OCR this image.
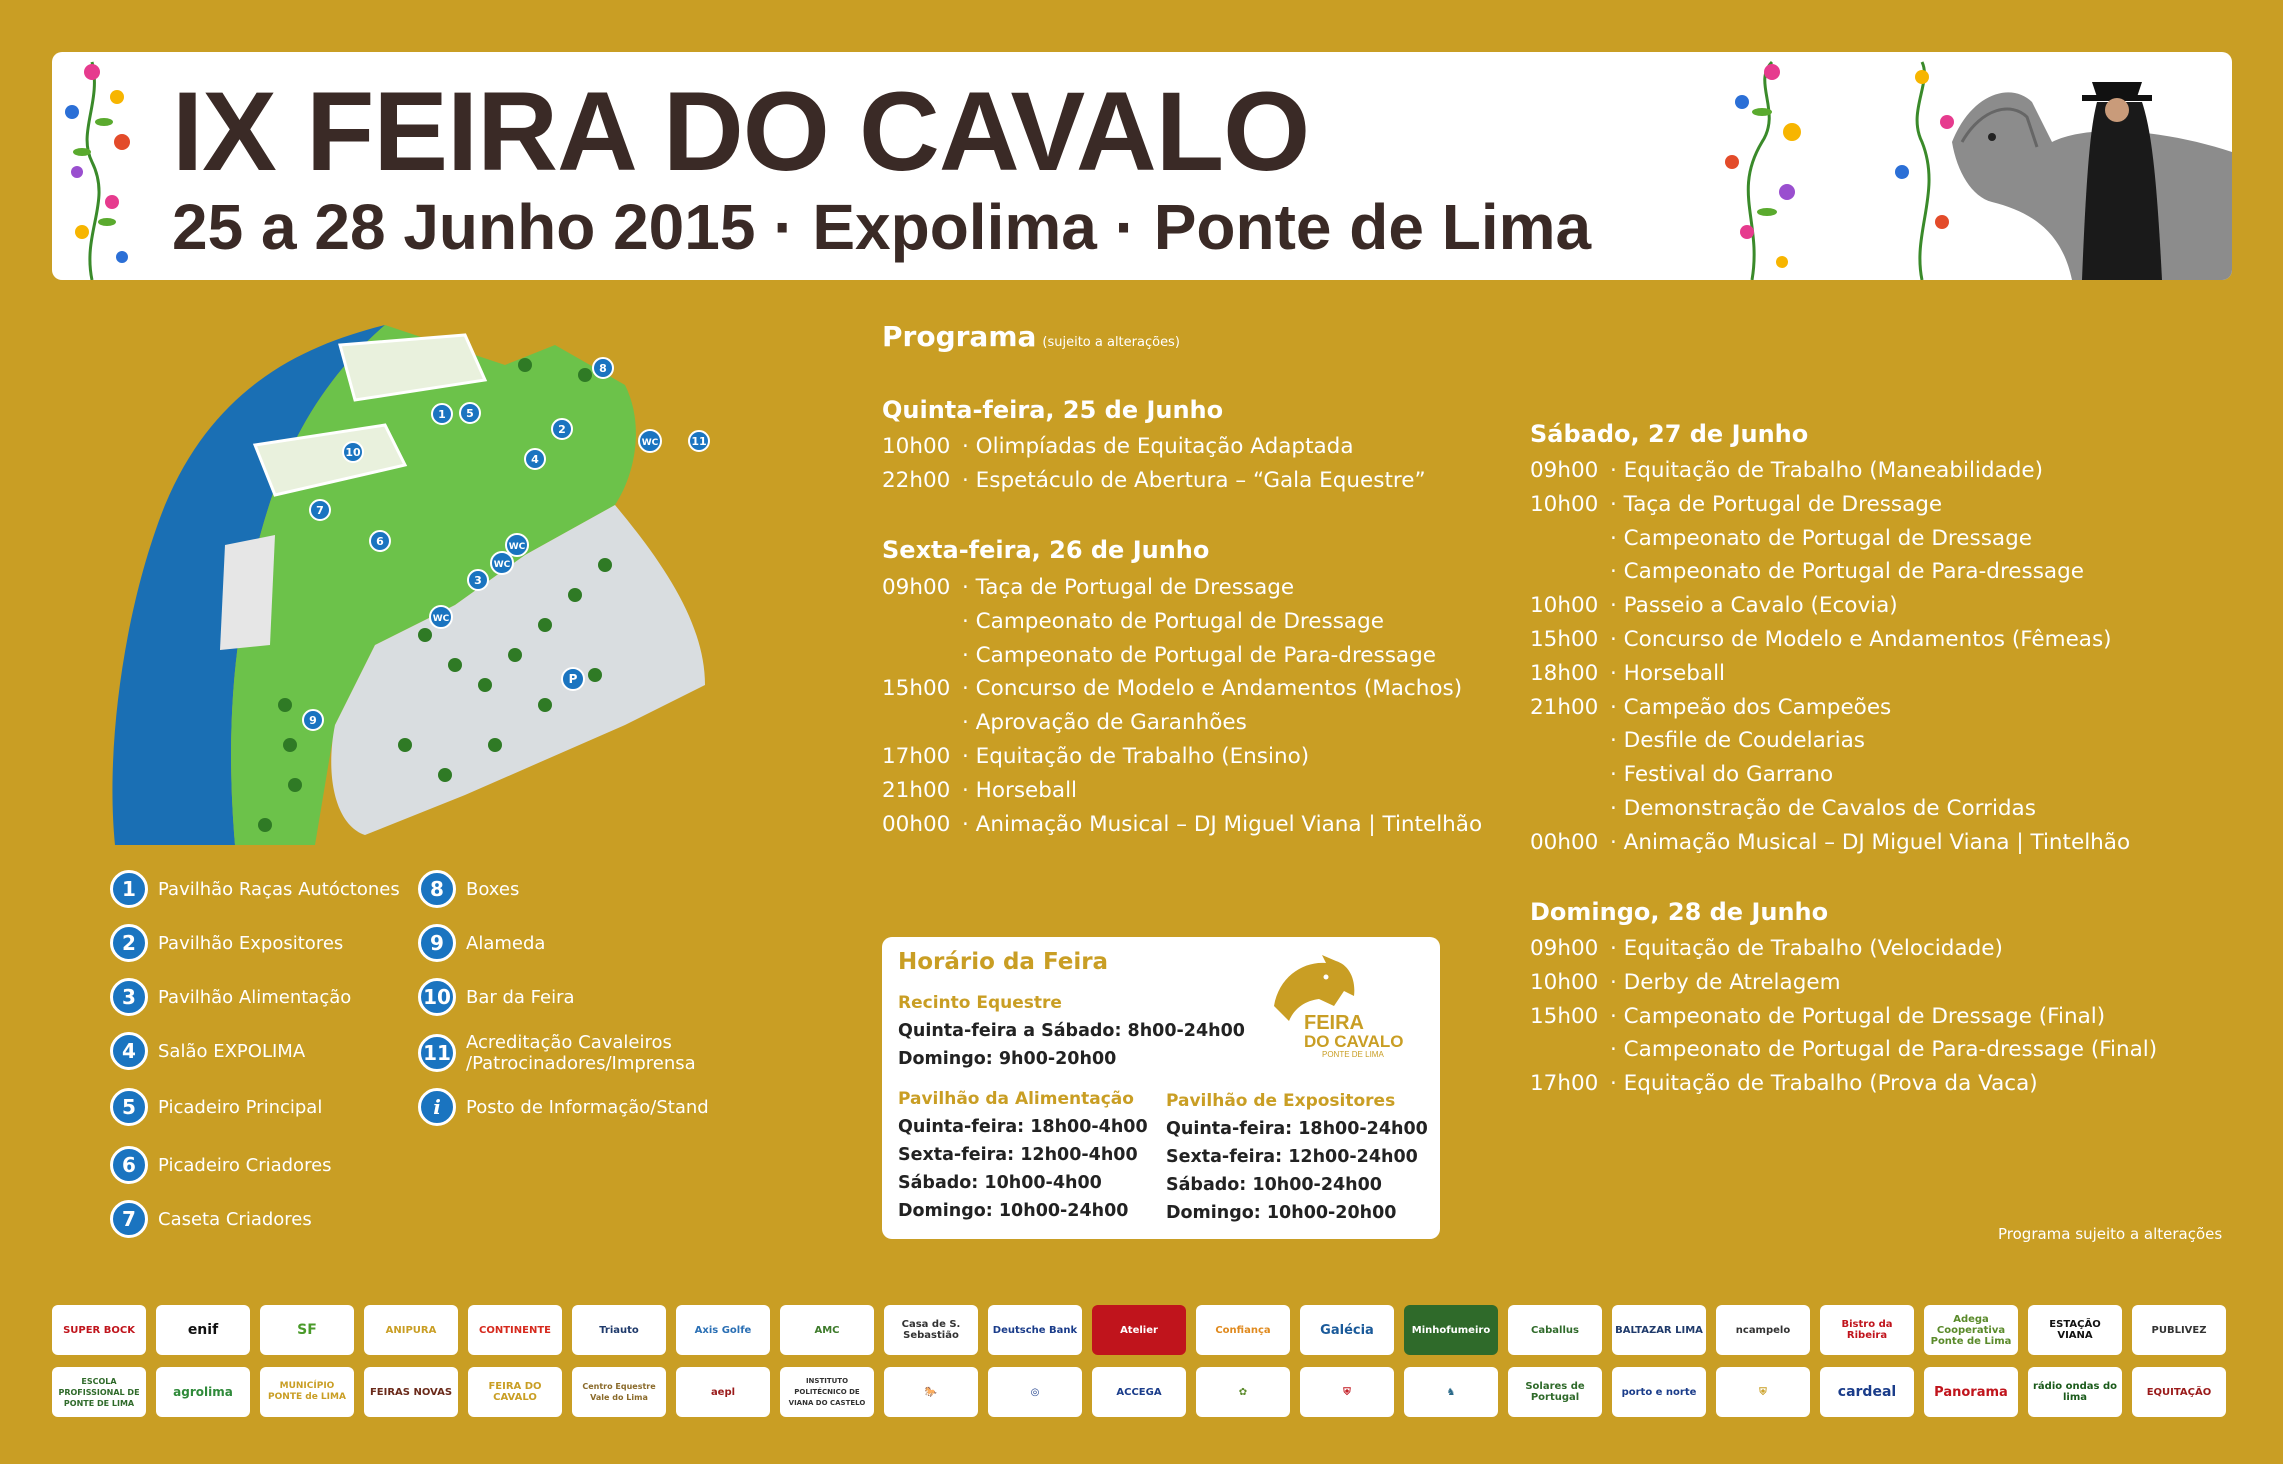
IX FEIRA DO CAVALO
25 a 28 Junho 2015 · Expolima · Ponte de Lima
1
2
3
4
5
6
7
8
9
10
11
WC
WC
WC
WC
P
1	Pavilhão Raças Autóctones
2	Pavilhão Expositores
3	Pavilhão Alimentação
4	Salão EXPOLIMA
5	Picadeiro Principal
6	Picadeiro Criadores
7	Caseta Criadores
8	Boxes
9	Alameda
10 Bar da Feira
11 Acreditação Cavaleiros /Patrocinadores/Imprensa
i	Posto de Informação/Stand
Programa (sujeito a alterações)
Quinta-feira, 25 de Junho
10h00 · Olimpíadas de Equitação Adaptada
22h00 · Espetáculo de Abertura – “Gala Equestre”
Sexta-feira, 26 de Junho
09h00 · Taça de Portugal de Dressage
· Campeonato de Portugal de Dressage
· Campeonato de Portugal de Para-dressage
15h00 · Concurso de Modelo e Andamentos (Machos)
· Aprovação de Garanhões
17h00 · Equitação de Trabalho (Ensino)
21h00 · Horseball
00h00 · Animação Musical – DJ Miguel Viana | Tintelhão
Sábado, 27 de Junho
09h00 · Equitação de Trabalho (Maneabilidade)
10h00 · Taça de Portugal de Dressage
· Campeonato de Portugal de Dressage
· Campeonato de Portugal de Para-dressage
10h00 · Passeio a Cavalo (Ecovia)
15h00 · Concurso de Modelo e Andamentos (Fêmeas)
18h00 · Horseball
21h00 · Campeão dos Campeões
· Desfile de Coudelarias
· Festival do Garrano
· Demonstração de Cavalos de Corridas
00h00 · Animação Musical – DJ Miguel Viana | Tintelhão
Domingo, 28 de Junho
09h00 · Equitação de Trabalho (Velocidade)
10h00 · Derby de Atrelagem
15h00 · Campeonato de Portugal de Dressage (Final)
· Campeonato de Portugal de Para-dressage (Final)
17h00 · Equitação de Trabalho (Prova da Vaca)
Horário da Feira
Recinto Equestre
Quinta-feira a Sábado: 8h00-24h00
Domingo: 9h00-20h00
Pavilhão da Alimentação
Quinta-feira: 18h00-4h00
Sexta-feira: 12h00-4h00
Sábado: 10h00-4h00
Domingo: 10h00-24h00
Pavilhão de Expositores
Quinta-feira: 18h00-24h00
Sexta-feira: 12h00-24h00
Sábado: 10h00-24h00
Domingo: 10h00-20h00
FEIRA
DO CAVALO
PONTE DE LIMA
Programa sujeito a alterações
SUPER BOCK	enif	SF	ANIPURA	CONTINENTE	Triauto	Axis Golfe	AMC	Casa de S. Sebastião	Deutsche Bank	Atelier	Confiança	Galécia	Minhofumeiro	Caballus	BALTAZAR LIMA	ncampelo	Bistro da Ribeira
Adega Cooperativa Ponte de Lima
ESTAÇÃO VIANA	PUBLIVEZ
ESCOLA PROFISSIONAL DE PONTE DE LIMA
agrolima	MUNICÍPIO PONTE de LIMA	FEIRAS NOVAS	FEIRA DO CAVALO
Centro Equestre Vale do Lima	aepl
INSTITUTO POLITÉCNICO DE VIANA DO CASTELO
🐎	◎	ACCEGA	✿	⛨	♞	Solares de Portugal	porto e norte	⛨	cardeal	Panorama	rádio ondas do lima	EQUITAÇÃO
